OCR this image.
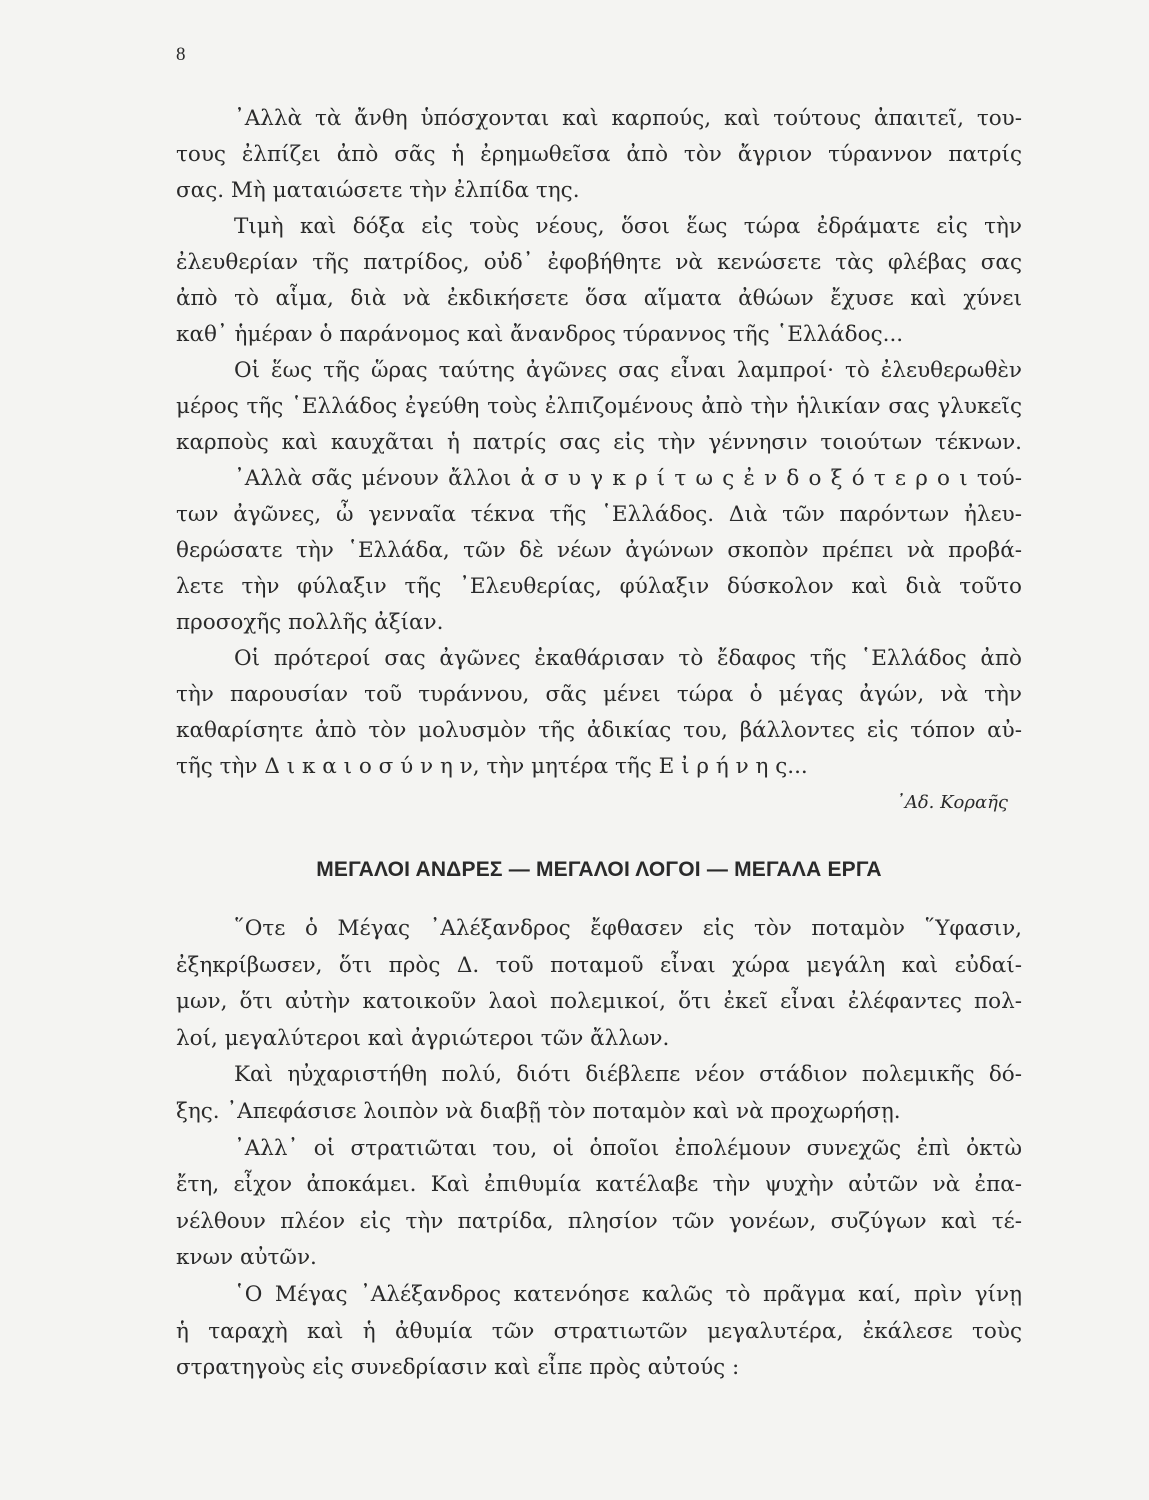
8
᾿Αλλὰ τὰ ἄνθη ὑπόσχονται καὶ καρπούς, καὶ τούτους ἀπαιτεῖ, του-
τους ἐλπίζει ἀπὸ σᾶς ἡ ἐρημωθεῖσα ἀπὸ τὸν ἄγριον τύραννον πατρίς
σας. Μὴ ματαιώσετε τὴν ἐλπίδα της.
Τιμὴ καὶ δόξα εἰς τοὺς νέους, ὅσοι ἕως τώρα ἐδράματε εἰς τὴν
ἐλευθερίαν τῆς πατρίδος, οὐδ᾿ ἐφοβήθητε νὰ κενώσετε τὰς φλέβας σας
ἀπὸ τὸ αἷμα, διὰ νὰ ἐκδικήσετε ὅσα αἵματα ἀθώων ἔχυσε καὶ χύνει
καθ᾿ ἡμέραν ὁ παράνομος καὶ ἄνανδρος τύραννος τῆς ῾Ελλάδος...
Οἱ ἕως τῆς ὥρας ταύτης ἀγῶνες σας εἶναι λαμπροί· τὸ ἐλευθερωθὲν
μέρος τῆς ῾Ελλάδος ἐγεύθη τοὺς ἐλπιζομένους ἀπὸ τὴν ἡλικίαν σας γλυκεῖς
καρποὺς καὶ καυχᾶται ἡ πατρίς σας εἰς τὴν γέννησιν τοιούτων τέκνων.
᾿Αλλὰ σᾶς μένουν ἄλλοι ἀ σ υ γ κ ρ ί τ ω ς ἐ ν δ ο ξ ό τ ε ρ ο ι τού-
των ἀγῶνες, ὦ γενναῖα τέκνα τῆς ῾Ελλάδος. Διὰ τῶν παρόντων ἠλευ-
θερώσατε τὴν ῾Ελλάδα, τῶν δὲ νέων ἀγώνων σκοπὸν πρέπει νὰ προβά-
λετε τὴν φύλαξιν τῆς ᾿Ελευθερίας, φύλαξιν δύσκολον καὶ διὰ τοῦτο
προσοχῆς πολλῆς ἀξίαν.
Οἱ πρότεροί σας ἀγῶνες ἐκαθάρισαν τὸ ἔδαφος τῆς ῾Ελλάδος ἀπὸ
τὴν παρουσίαν τοῦ τυράννου, σᾶς μένει τώρα ὁ μέγας ἀγών, νὰ τὴν
καθαρίσητε ἀπὸ τὸν μολυσμὸν τῆς ἀδικίας του, βάλλοντες εἰς τόπον αὐ-
τῆς τὴν Δ ι κ α ι ο σ ύ ν η ν, τὴν μητέρα τῆς Ε ἰ ρ ή ν η ς...
᾿Αδ. Κοραῆς
ΜΕΓΑΛΟΙ ΑΝΔΡΕΣ — ΜΕΓΑΛΟΙ ΛΟΓΟΙ — ΜΕΓΑΛΑ ΕΡΓΑ
῞Οτε ὁ Μέγας ᾿Αλέξανδρος ἔφθασεν εἰς τὸν ποταμὸν ῞Υφασιν,
ἐξηκρίβωσεν, ὅτι πρὸς Δ. τοῦ ποταμοῦ εἶναι χώρα μεγάλη καὶ εὐδαί-
μων, ὅτι αὐτὴν κατοικοῦν λαοὶ πολεμικοί, ὅτι ἐκεῖ εἶναι ἐλέφαντες πολ-
λοί, μεγαλύτεροι καὶ ἀγριώτεροι τῶν ἄλλων.
Καὶ ηὐχαριστήθη πολύ, διότι διέβλεπε νέον στάδιον πολεμικῆς δό-
ξης. ᾿Απεφάσισε λοιπὸν νὰ διαβῇ τὸν ποταμὸν καὶ νὰ προχωρήσῃ.
᾿Αλλ᾿ οἱ στρατιῶται του, οἱ ὁποῖοι ἐπολέμουν συνεχῶς ἐπὶ ὀκτὼ
ἔτη, εἶχον ἀποκάμει. Καὶ ἐπιθυμία κατέλαβε τὴν ψυχὴν αὐτῶν νὰ ἐπα-
νέλθουν πλέον εἰς τὴν πατρίδα, πλησίον τῶν γονέων, συζύγων καὶ τέ-
κνων αὐτῶν.
῾Ο Μέγας ᾿Αλέξανδρος κατενόησε καλῶς τὸ πρᾶγμα καί, πρὶν γίνῃ
ἡ ταραχὴ καὶ ἡ ἀθυμία τῶν στρατιωτῶν μεγαλυτέρα, ἐκάλεσε τοὺς
στρατηγοὺς εἰς συνεδρίασιν καὶ εἶπε πρὸς αὐτούς :
